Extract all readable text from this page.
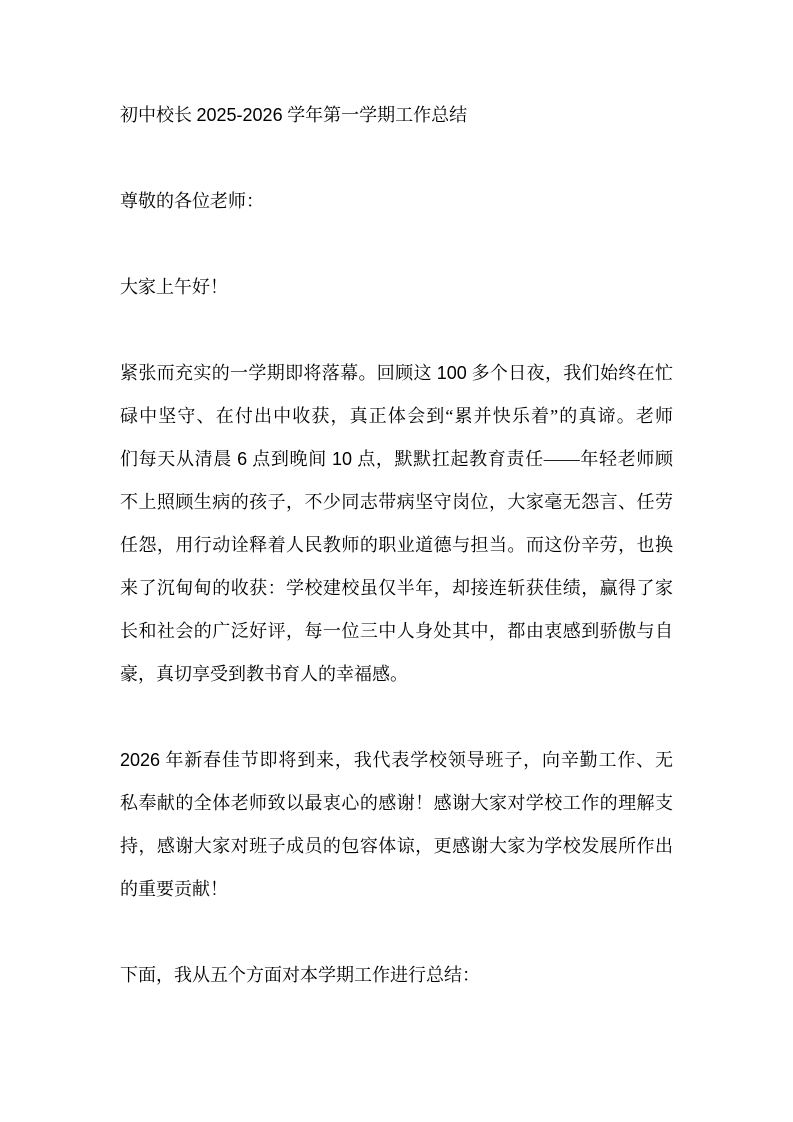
初中校长 2025-2026 学年第一学期工作总结
尊敬的各位老师：
大家上午好！
紧张而充实的一学期即将落幕。回顾这 100 多个日夜，我们始终在忙
碌中坚守、在付出中收获，真正体会到“累并快乐着”的真谛。老师
们每天从清晨 6 点到晚间 10 点，默默扛起教育责任——年轻老师顾
不上照顾生病的孩子，不少同志带病坚守岗位，大家毫无怨言、任劳
任怨，用行动诠释着人民教师的职业道德与担当。而这份辛劳，也换
来了沉甸甸的收获：学校建校虽仅半年，却接连斩获佳绩，赢得了家
长和社会的广泛好评，每一位三中人身处其中，都由衷感到骄傲与自
豪，真切享受到教书育人的幸福感。
2026 年新春佳节即将到来，我代表学校领导班子，向辛勤工作、无
私奉献的全体老师致以最衷心的感谢！感谢大家对学校工作的理解支
持，感谢大家对班子成员的包容体谅，更感谢大家为学校发展所作出
的重要贡献！
下面，我从五个方面对本学期工作进行总结：
